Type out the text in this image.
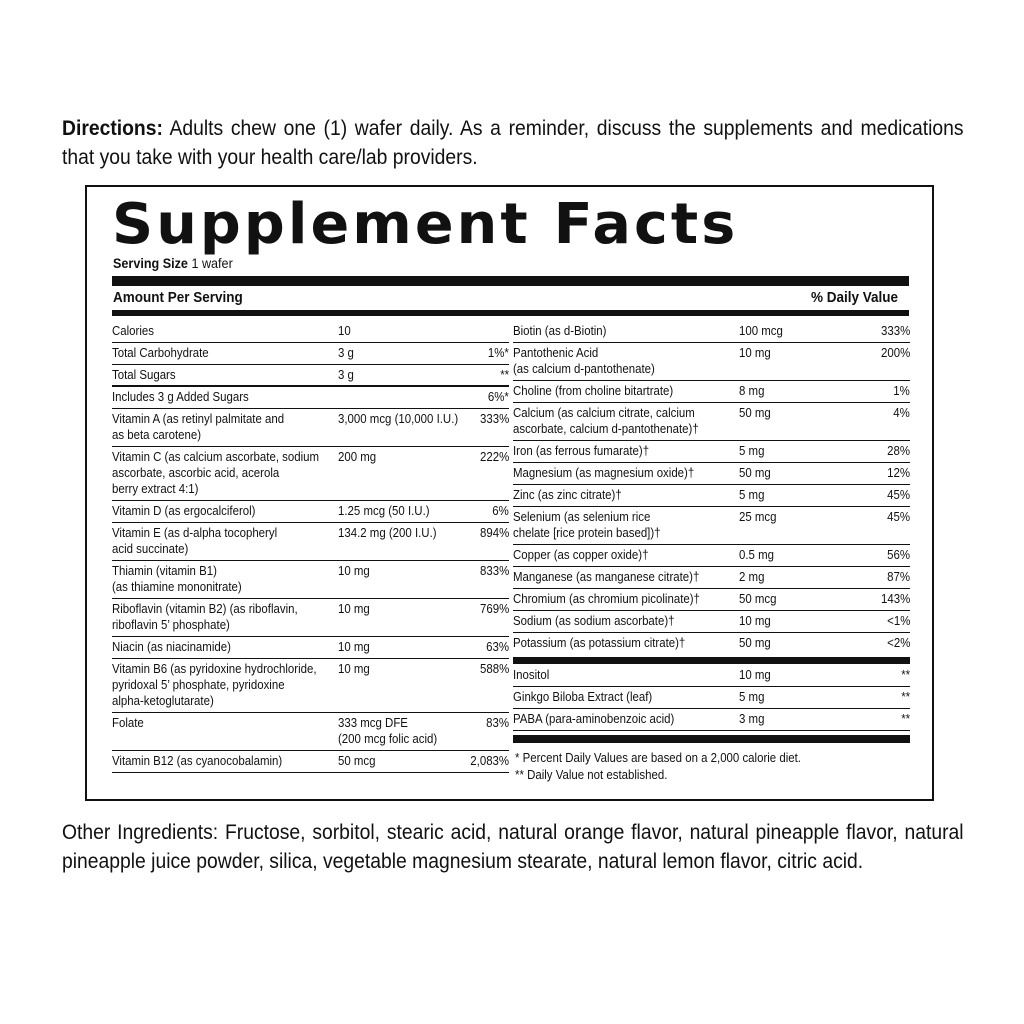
Directions: Adults chew one (1) wafer daily. As a reminder, discuss the supplements and medications that you take with your health care/lab providers.
Supplement Facts
Serving Size 1 wafer
Amount Per Serving	% Daily Value
Calories	10
Total Carbohydrate	3 g	1%*
Total Sugars	3 g	**
Includes 3 g Added Sugars	6%*
Vitamin A (as retinyl palmitate and
as beta carotene)
3,000 mcg (10,000 I.U.) 333%
Vitamin C (as calcium ascorbate, sodium
ascorbate, ascorbic acid, acerola
berry extract 4:1)
200 mg	222%
Vitamin D (as ergocalciferol)	1.25 mcg (50 I.U.)	6%
Vitamin E (as d-alpha tocopheryl
acid succinate)
134.2 mg (200 I.U.)	894%
Thiamin (vitamin B1)
(as thiamine mononitrate)
10 mg	833%
Riboflavin (vitamin B2) (as riboflavin,
riboflavin 5’ phosphate)
10 mg	769%
Niacin (as niacinamide)	10 mg	63%
Vitamin B6 (as pyridoxine hydrochloride,
pyridoxal 5’ phosphate, pyridoxine
alpha-ketoglutarate)
10 mg	588%
Folate	333 mcg DFE
(200 mcg folic acid)
83%
Vitamin B12 (as cyanocobalamin)	50 mcg	2,083%
Biotin (as d-Biotin)	100 mcg	333%
Pantothenic Acid
(as calcium d-pantothenate)
10 mg	200%
Choline (from choline bitartrate)	8 mg	1%
Calcium (as calcium citrate, calcium
ascorbate, calcium d-pantothenate)†
50 mg	4%
Iron (as ferrous fumarate)†	5 mg	28%
Magnesium (as magnesium oxide)†	50 mg	12%
Zinc (as zinc citrate)†	5 mg	45%
Selenium (as selenium rice
chelate [rice protein based])†
25 mcg	45%
Copper (as copper oxide)†	0.5 mg	56%
Manganese (as manganese citrate)†	2 mg	87%
Chromium (as chromium picolinate)†	50 mcg	143%
Sodium (as sodium ascorbate)†	10 mg	<1%
Potassium (as potassium citrate)†	50 mg	<2%
Inositol	10 mg	**
Ginkgo Biloba Extract (leaf)	5 mg	**
PABA (para-aminobenzoic acid)	3 mg	**
* Percent Daily Values are based on a 2,000 calorie diet.
** Daily Value not established.
Other Ingredients: Fructose, sorbitol, stearic acid, natural orange flavor, natural pineapple flavor, natural pineapple juice powder, silica, vegetable magnesium stearate, natural lemon flavor, citric acid.
